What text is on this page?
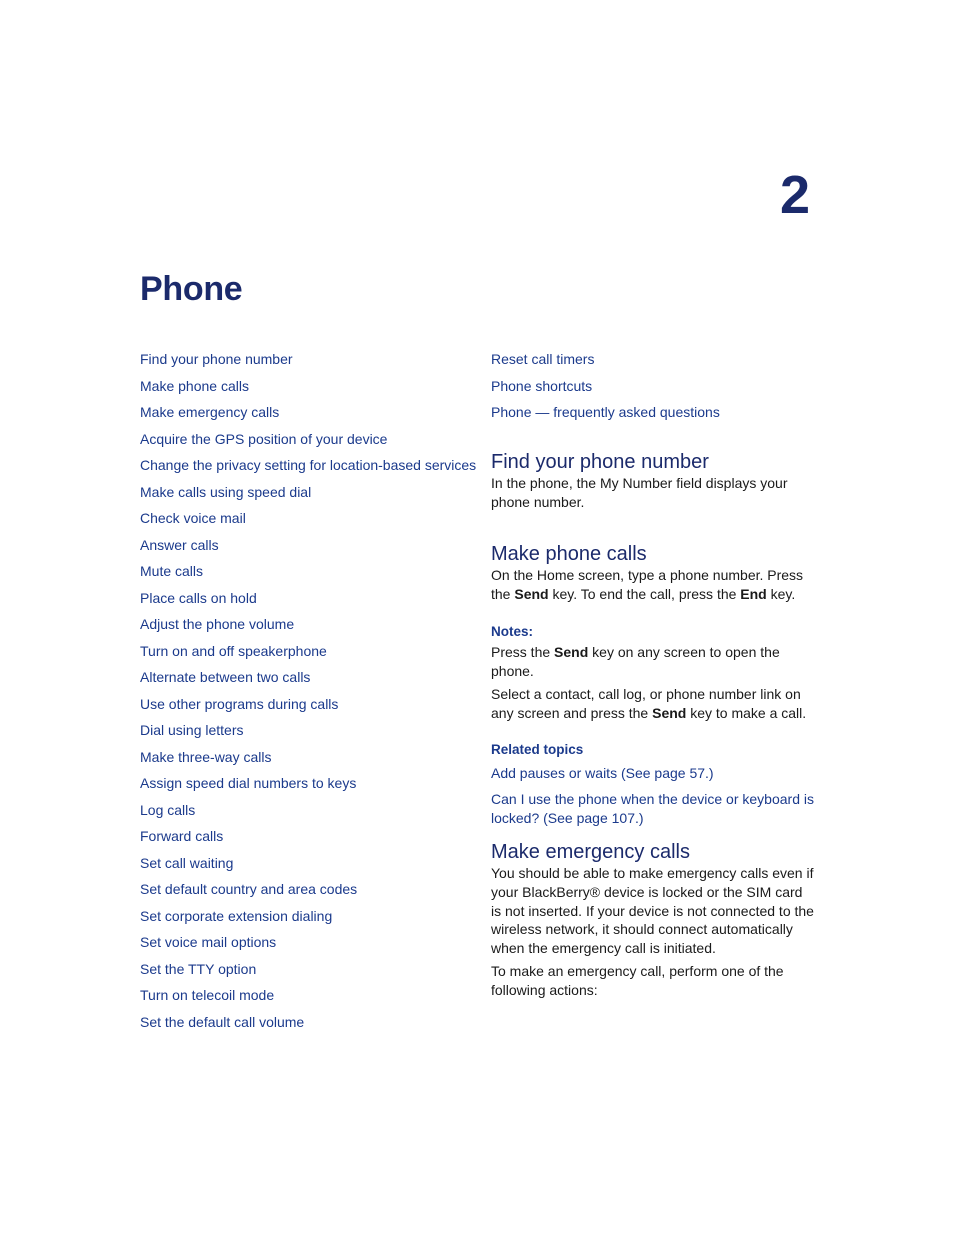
2
Phone
Find your phone number
Make phone calls
Make emergency calls
Acquire the GPS position of your device
Change the privacy setting for location-based services
Make calls using speed dial
Check voice mail
Answer calls
Mute calls
Place calls on hold
Adjust the phone volume
Turn on and off speakerphone
Alternate between two calls
Use other programs during calls
Dial using letters
Make three-way calls
Assign speed dial numbers to keys
Log calls
Forward calls
Set call waiting
Set default country and area codes
Set corporate extension dialing
Set voice mail options
Set the TTY option
Turn on telecoil mode
Set the default call volume
Reset call timers
Phone shortcuts
Phone — frequently asked questions
Find your phone number

In the phone, the My Number field displays your phone number.

Make phone calls

On the Home screen, type a phone number. Press the Send key. To end the call, press the End key.

Notes:

Press the Send key on any screen to open the phone.

Select a contact, call log, or phone number link on any screen and press the Send key to make a call.

Related topics

Add pauses or waits (See page 57.)

Can I use the phone when the device or keyboard is locked? (See page 107.)

Make emergency calls

You should be able to make emergency calls even if your BlackBerry® device is locked or the SIM card is not inserted. If your device is not connected to the wireless network, it should connect automatically when the emergency call is initiated.

To make an emergency call, perform one of the following actions:
